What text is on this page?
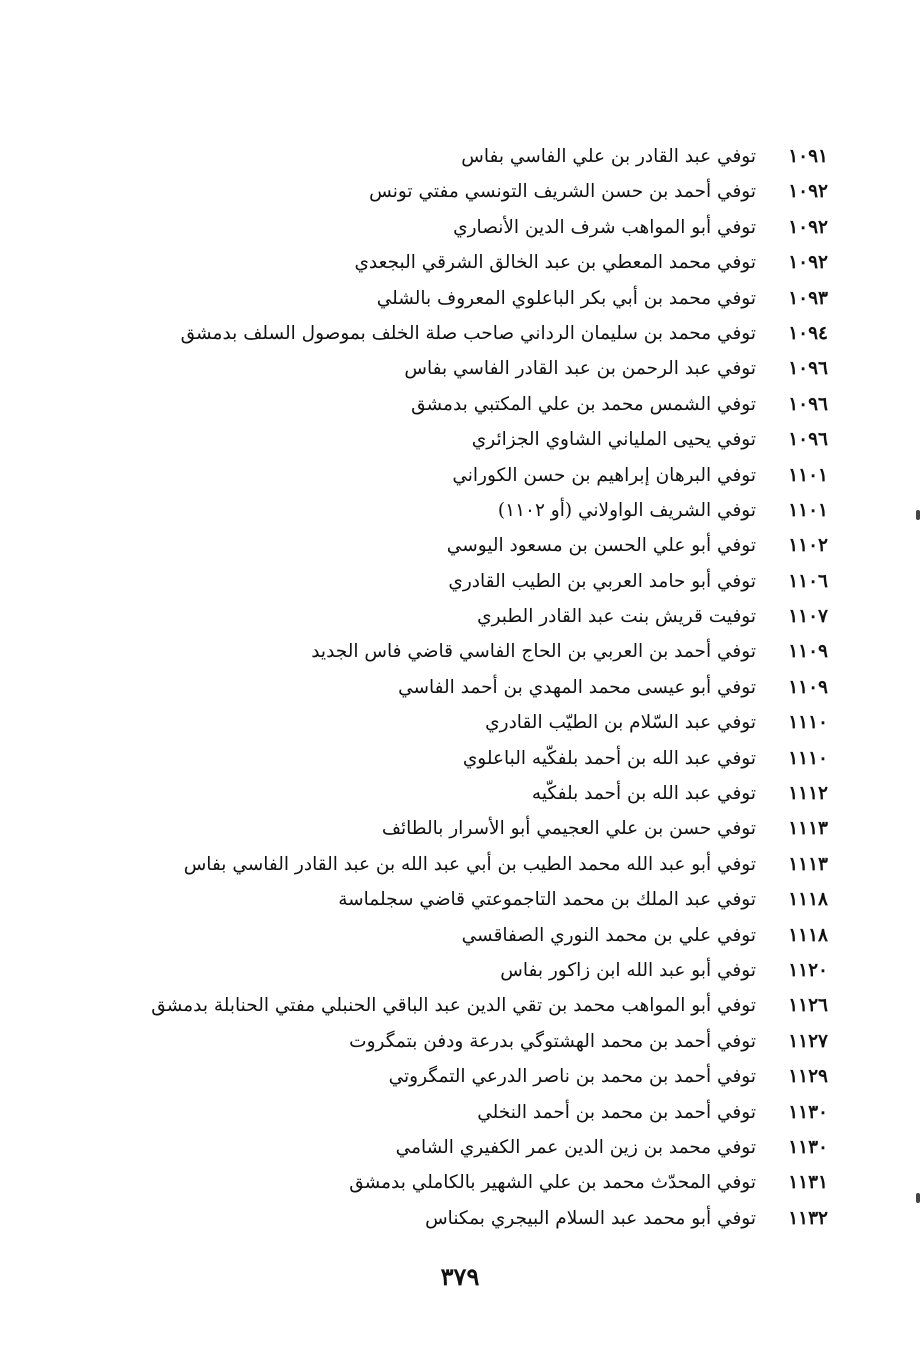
١٠٩١توفي عبد القادر بن علي الفاسي بفاس
١٠٩٢توفي أحمد بن حسن الشريف التونسي مفتي تونس
١٠٩٢توفي أبو المواهب شرف الدين الأنصاري
١٠٩٢توفي محمد المعطي بن عبد الخالق الشرقي البجعدي
١٠٩٣توفي محمد بن أبي بكر الباعلوي المعروف بالشلي
١٠٩٤توفي محمد بن سليمان الرداني صاحب صلة الخلف بموصول السلف بدمشق
١٠٩٦توفي عبد الرحمن بن عبد القادر الفاسي بفاس
١٠٩٦توفي الشمس محمد بن علي المكتبي بدمشق
١٠٩٦توفي يحيى الملياني الشاوي الجزائري
١١٠١توفي البرهان إبراهيم بن حسن الكوراني
١١٠١توفي الشريف الواولاني (أو ١١٠٢)
١١٠٢توفي أبو علي الحسن بن مسعود اليوسي
١١٠٦توفي أبو حامد العربي بن الطيب القادري
١١٠٧توفيت قريش بنت عبد القادر الطبري
١١٠٩توفي أحمد بن العربي بن الحاج الفاسي قاضي فاس الجديد
١١٠٩توفي أبو عيسى محمد المهدي بن أحمد الفاسي
١١١٠توفي عبد السّلام بن الطيّب القادري
١١١٠توفي عبد الله بن أحمد بلفكّيه الباعلوي
١١١٢توفي عبد الله بن أحمد بلفكّيه
١١١٣توفي حسن بن علي العجيمي أبو الأسرار بالطائف
١١١٣توفي أبو عبد الله محمد الطيب بن أبي عبد الله بن عبد القادر الفاسي بفاس
١١١٨توفي عبد الملك بن محمد التاجموعتي قاضي سجلماسة
١١١٨توفي علي بن محمد النوري الصفاقسي
١١٢٠توفي أبو عبد الله ابن زاكور بفاس
١١٢٦توفي أبو المواهب محمد بن تقي الدين عبد الباقي الحنبلي مفتي الحنابلة بدمشق
١١٢٧توفي أحمد بن محمد الهشتوگي بدرعة ودفن بتمگروت
١١٢٩توفي أحمد بن محمد بن ناصر الدرعي التمگروتي
١١٣٠توفي أحمد بن محمد بن أحمد النخلي
١١٣٠توفي محمد بن زين الدين عمر الكفيري الشامي
١١٣١توفي المحدّث محمد بن علي الشهير بالكاملي بدمشق
١١٣٢توفي أبو محمد عبد السلام البيجري بمكناس
٣٧٩
